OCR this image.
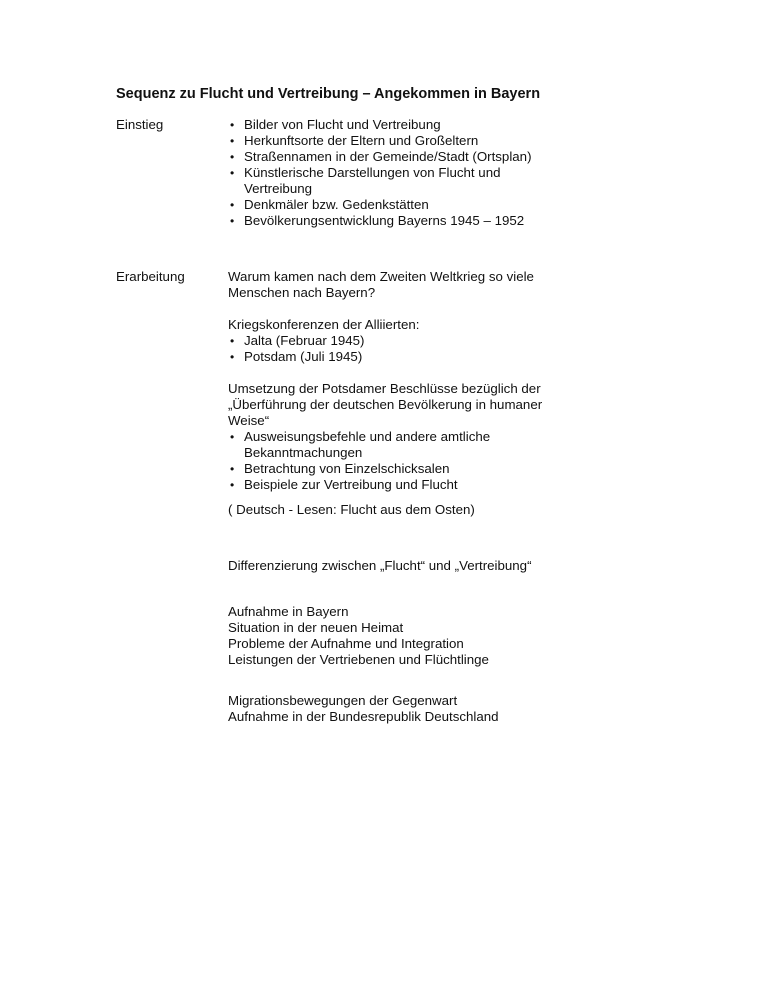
Sequenz zu Flucht und Vertreibung – Angekommen in Bayern
Einstieg	• Bilder von Flucht und Vertreibung
• Herkunftsorte der Eltern und Großeltern
• Straßennamen in der Gemeinde/Stadt (Ortsplan)
• Künstlerische Darstellungen von Flucht und Vertreibung
• Denkmäler bzw. Gedenkstätten
• Bevölkerungsentwicklung Bayerns 1945 – 1952
Erarbeitung	Warum kamen nach dem Zweiten Weltkrieg so viele Menschen nach Bayern?

Kriegskonferenzen der Alliierten:

• Jalta (Februar 1945)
• Potsdam (Juli 1945)

Umsetzung der Potsdamer Beschlüsse bezüglich der „Überführung der deutschen Bevölkerung in humaner Weise“

• Ausweisungsbefehle und andere amtliche Bekanntmachungen
• Betrachtung von Einzelschicksalen
• Beispiele zur Vertreibung und Flucht
( Deutsch - Lesen: Flucht aus dem Osten)
Differenzierung zwischen „Flucht“ und „Vertreibung“

Aufnahme in Bayern

Situation in der neuen Heimat

Probleme der Aufnahme und Integration

Leistungen der Vertriebenen und Flüchtlinge

Migrationsbewegungen der Gegenwart

Aufnahme in der Bundesrepublik Deutschland
